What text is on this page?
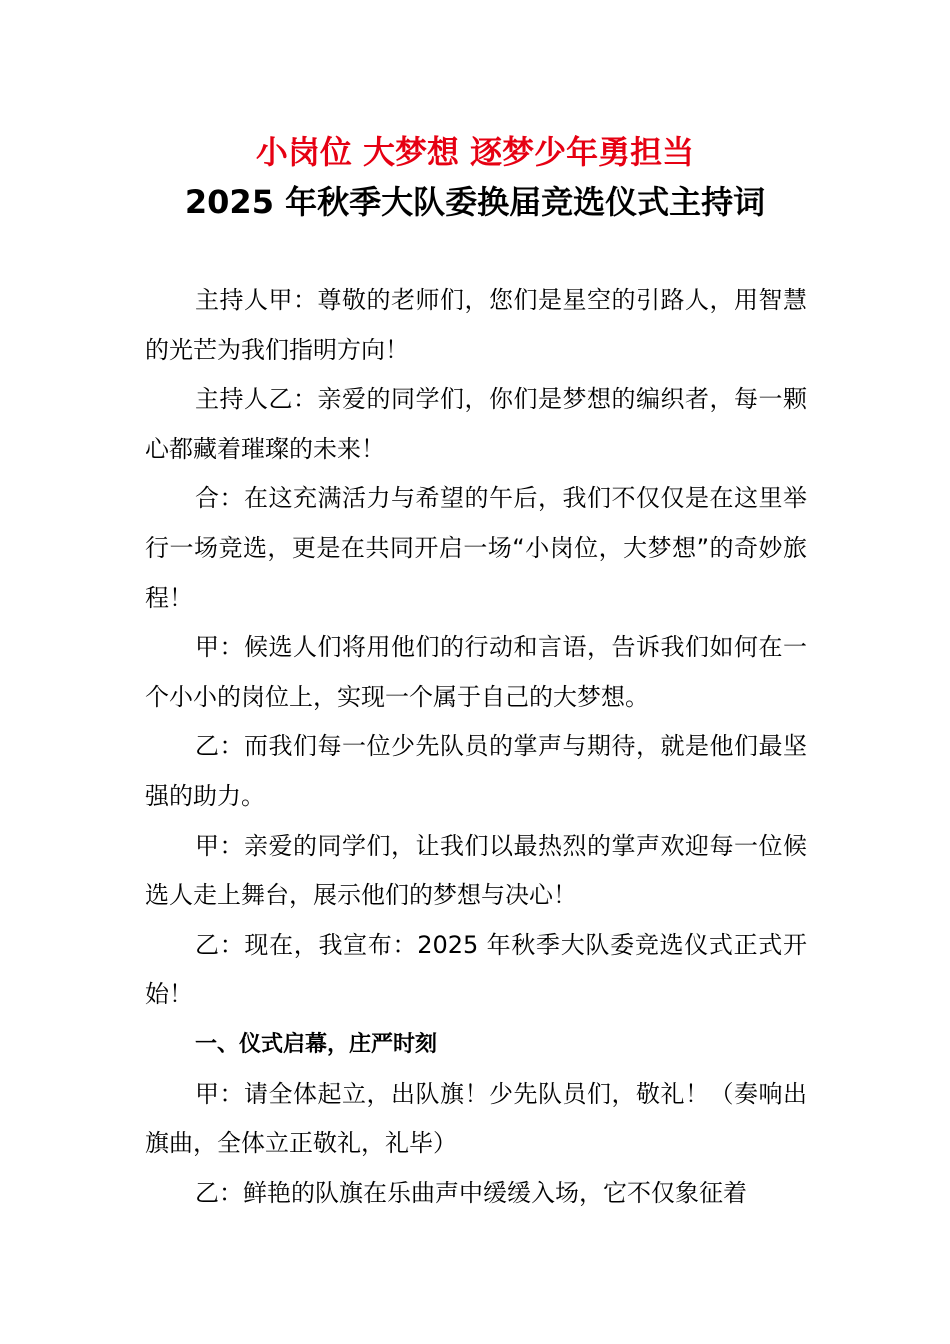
小岗位 大梦想 逐梦少年勇担当
2025 年秋季大队委换届竞选仪式主持词

主持人甲：尊敬的老师们，您们是星空的引路人，用智慧的光芒为我们指明方向！

主持人乙：亲爱的同学们，你们是梦想的编织者，每一颗心都藏着璀璨的未来！

合：在这充满活力与希望的午后，我们不仅仅是在这里举行一场竞选，更是在共同开启一场“小岗位，大梦想”的奇妙旅程！

甲：候选人们将用他们的行动和言语，告诉我们如何在一个小小的岗位上，实现一个属于自己的大梦想。

乙：而我们每一位少先队员的掌声与期待，就是他们最坚强的助力。

甲：亲爱的同学们，让我们以最热烈的掌声欢迎每一位候选人走上舞台，展示他们的梦想与决心！

乙：现在，我宣布：2025 年秋季大队委竞选仪式正式开始！

一、仪式启幕，庄严时刻

甲：请全体起立，出队旗！少先队员们，敬礼！（奏响出旗曲，全体立正敬礼，礼毕）

乙：鲜艳的队旗在乐曲声中缓缓入场，它不仅象征着
